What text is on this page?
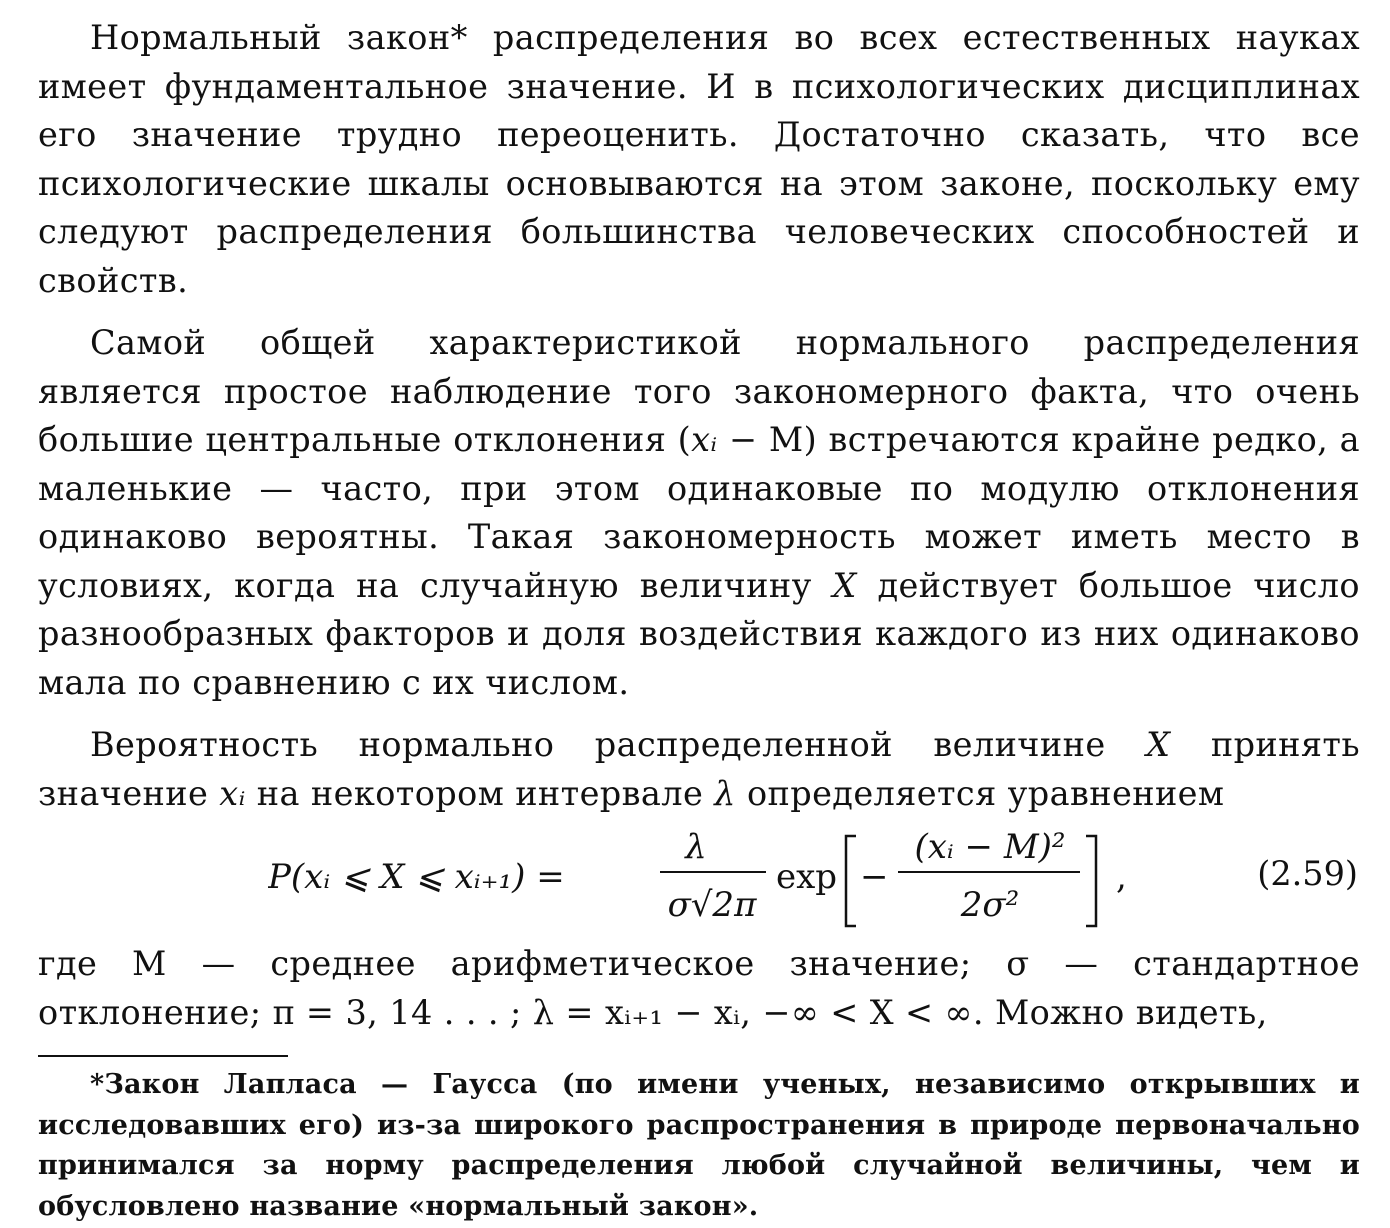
Нормальный закон* распределения во всех естественных науках имеет фундаментальное значение. И в психологических дисциплинах его значение трудно переоценить. Достаточно сказать, что все психологические шкалы основываются на этом законе, поскольку ему следуют распределения большинства человеческих способностей и свойств.

Самой общей характеристикой нормального распределения является простое наблюдение того закономерного факта, что очень большие центральные отклонения (xᵢ − M) встречаются крайне редко, а маленькие — часто, при этом одинаковые по модулю отклонения одинаково вероятны. Такая закономерность может иметь место в условиях, когда на случайную величину X действует большое число разнообразных факторов и доля воздействия каждого из них одинаково мала по сравнению с их числом.

Вероятность нормально распределенной величине X принять значение xᵢ на некотором интервале λ определяется уравнением

P(xᵢ ⩽ X ⩽ xᵢ₊₁) =
λ
σ√2π
exp −
(xᵢ − M)²
2σ²
,	(2.59)

где M — среднее арифметическое значение; σ — стандартное отклонение; π = 3, 14 . . . ; λ = xᵢ₊₁ − xᵢ, −∞ < X < ∞. Можно видеть,

*Закон Лапласа — Гаусса (по имени ученых, независимо открывших и исследовавших его) из-за широкого распространения в природе первоначально принимался за норму распределения любой случайной величины, чем и обусловлено название «нормальный закон».
